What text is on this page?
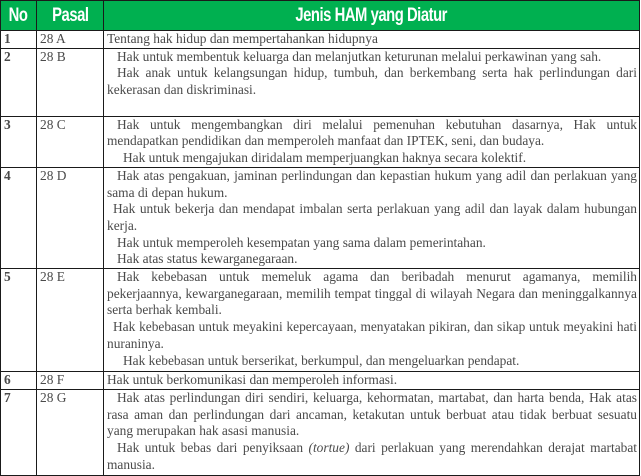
No	Pasal	Jenis HAM yang Diatur
1	28 A	Tentang hak hidup dan mempertahankan hidupnya

2	28 B	Hak untuk membentuk keluarga dan melanjutkan keturunan melalui perkawinan yang sah.

Hak anak untuk kelangsungan hidup, tumbuh, dan berkembang serta hak perlindungan dari kekerasan dan diskriminasi.

3	28 C	Hak untuk mengembangkan diri melalui pemenuhan kebutuhan dasarnya, Hak untuk mendapatkan pendidikan dan memperoleh manfaat dan IPTEK, seni, dan budaya.

Hak untuk mengajukan diridalam memperjuangkan haknya secara kolektif.

4	28 D	Hak atas pengakuan, jaminan perlindungan dan kepastian hukum yang adil dan perlakuan yang sama di depan hukum.

Hak untuk bekerja dan mendapat imbalan serta perlakuan yang adil dan layak dalam hubungan kerja.

Hak untuk memperoleh kesempatan yang sama dalam pemerintahan.

Hak atas status kewarganegaraan.

5	28 E	Hak kebebasan untuk memeluk agama dan beribadah menurut agamanya, memilih pekerjaannya, kewarganegaraan, memilih tempat tinggal di wilayah Negara dan meninggalkannya serta berhak kembali.

Hak kebebasan untuk meyakini kepercayaan, menyatakan pikiran, dan sikap untuk meyakini hati nuraninya.

Hak kebebasan untuk berserikat, berkumpul, dan mengeluarkan pendapat.

6	28 F	Hak untuk berkomunikasi dan memperoleh informasi.

7	28 G	Hak atas perlindungan diri sendiri, keluarga, kehormatan, martabat, dan harta benda, Hak atas rasa aman dan perlindungan dari ancaman, ketakutan untuk berbuat atau tidak berbuat sesuatu yang merupakan hak asasi manusia.

Hak untuk bebas dari penyiksaan (tortue) dari perlakuan yang merendahkan derajat martabat manusia.
